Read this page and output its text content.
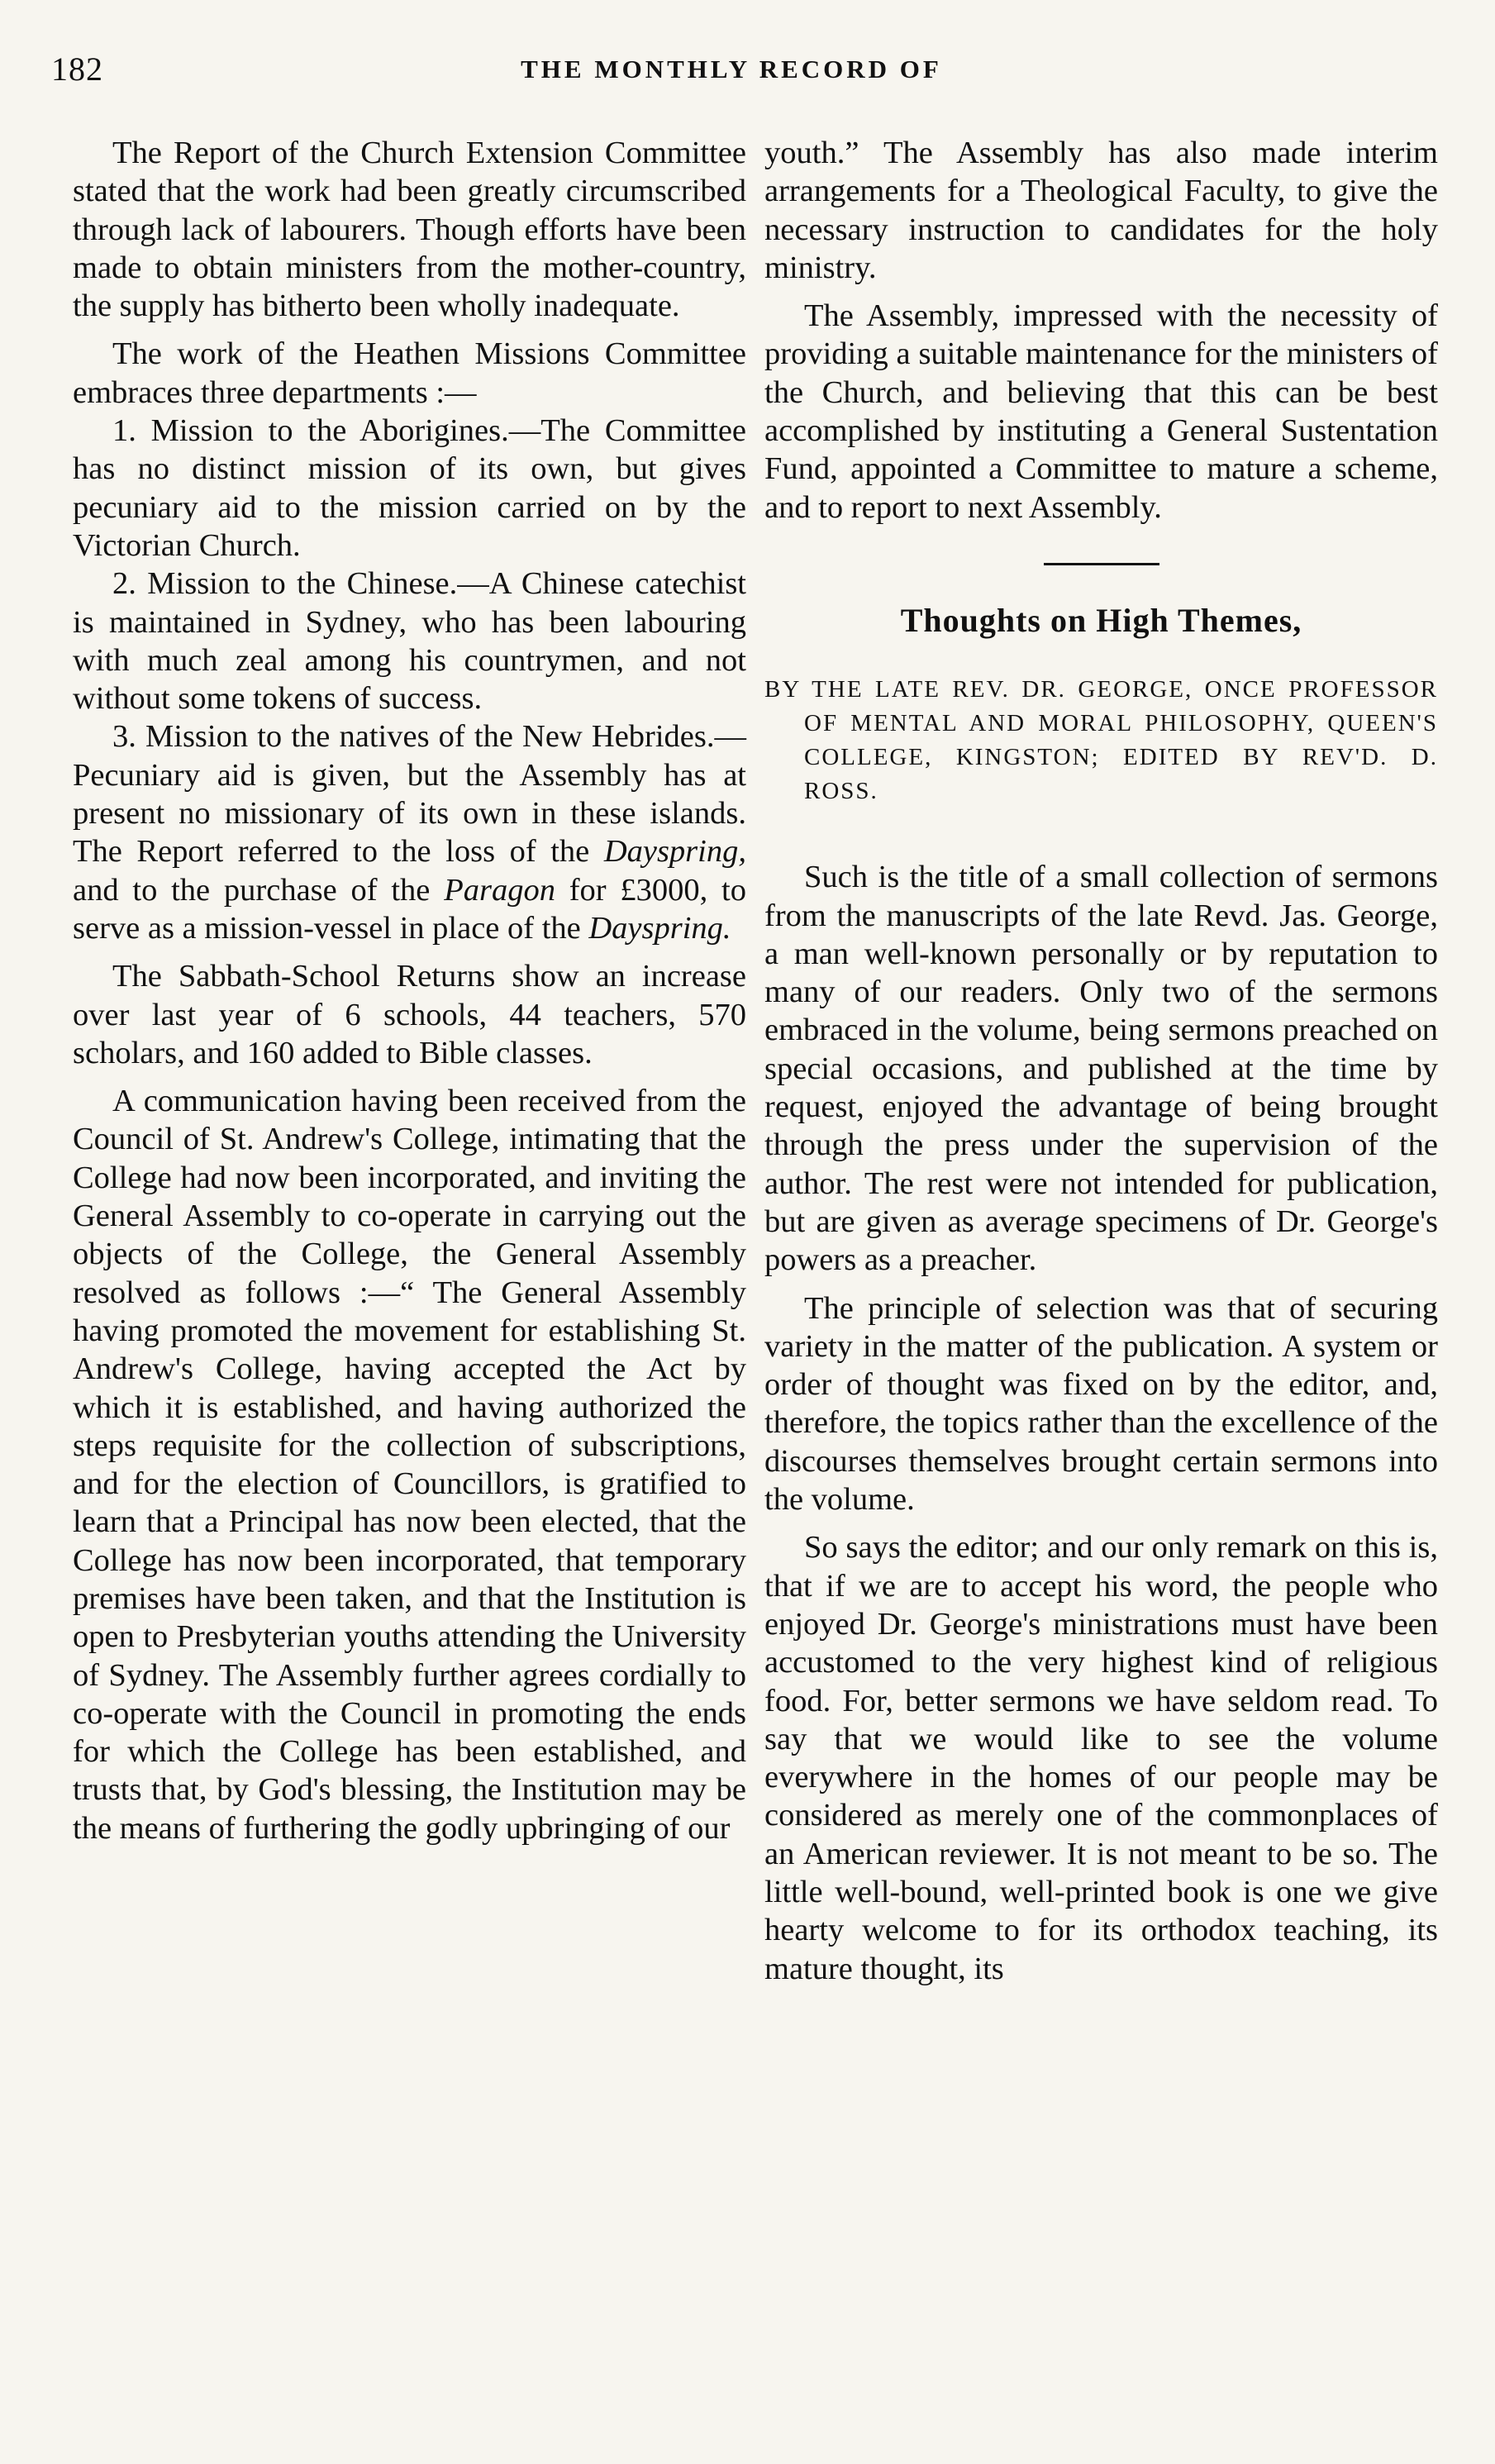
182	THE MONTHLY RECORD OF

The Report of the Church Extension Committee stated that the work had been greatly circumscribed through lack of labourers. Though efforts have been made to obtain ministers from the mother-country, the supply has bitherto been wholly inadequate.

The work of the Heathen Missions Committee embraces three departments :—

1. Mission to the Aborigines.—The Committee has no distinct mission of its own, but gives pecuniary aid to the mission carried on by the Victorian Church.

2. Mission to the Chinese.—A Chinese catechist is maintained in Sydney, who has been labouring with much zeal among his countrymen, and not without some tokens of success.

3. Mission to the natives of the New Hebrides.—Pecuniary aid is given, but the Assembly has at present no missionary of its own in these islands. The Report referred to the loss of the Dayspring, and to the purchase of the Paragon for £3000, to serve as a mission-vessel in place of the Dayspring.

The Sabbath-School Returns show an increase over last year of 6 schools, 44 teachers, 570 scholars, and 160 added to Bible classes.

A communication having been received from the Council of St. Andrew's College, intimating that the College had now been incorporated, and inviting the General Assembly to co-operate in carrying out the objects of the College, the General Assembly resolved as follows :—“ The General Assembly having promoted the movement for establishing St. Andrew's College, having accepted the Act by which it is established, and having authorized the steps requisite for the collection of subscriptions, and for the election of Councillors, is gratified to learn that a Principal has now been elected, that the College has now been incorporated, that temporary premises have been taken, and that the Institution is open to Presbyterian youths attending the University of Sydney. The Assembly further agrees cordially to co-operate with the Council in promoting the ends for which the College has been established, and trusts that, by God's blessing, the Institution may be the means of furthering the godly upbringing of our

youth.” The Assembly has also made interim arrangements for a Theological Faculty, to give the necessary instruction to candidates for the holy ministry.

The Assembly, impressed with the necessity of providing a suitable maintenance for the ministers of the Church, and believing that this can be best accomplished by instituting a General Sustentation Fund, appointed a Committee to mature a scheme, and to report to next Assembly.

Thoughts on High Themes,
BY THE LATE REV. DR. GEORGE, ONCE PROFESSOR OF MENTAL AND MORAL PHILOSOPHY, QUEEN'S COLLEGE, KINGSTON; EDITED BY REV'D. D. ROSS.

Such is the title of a small collection of sermons from the manuscripts of the late Revd. Jas. George, a man well-known personally or by reputation to many of our readers. Only two of the sermons embraced in the volume, being sermons preached on special occasions, and published at the time by request, enjoyed the advantage of being brought through the press under the supervision of the author. The rest were not intended for publication, but are given as average specimens of Dr. George's powers as a preacher.

The principle of selection was that of securing variety in the matter of the publication. A system or order of thought was fixed on by the editor, and, therefore, the topics rather than the excellence of the discourses themselves brought certain sermons into the volume.

So says the editor; and our only remark on this is, that if we are to accept his word, the people who enjoyed Dr. George's ministrations must have been accustomed to the very highest kind of religious food. For, better sermons we have seldom read. To say that we would like to see the volume everywhere in the homes of our people may be considered as merely one of the commonplaces of an American reviewer. It is not meant to be so. The little well-bound, well-printed book is one we give hearty welcome to for its orthodox teaching, its mature thought, its
